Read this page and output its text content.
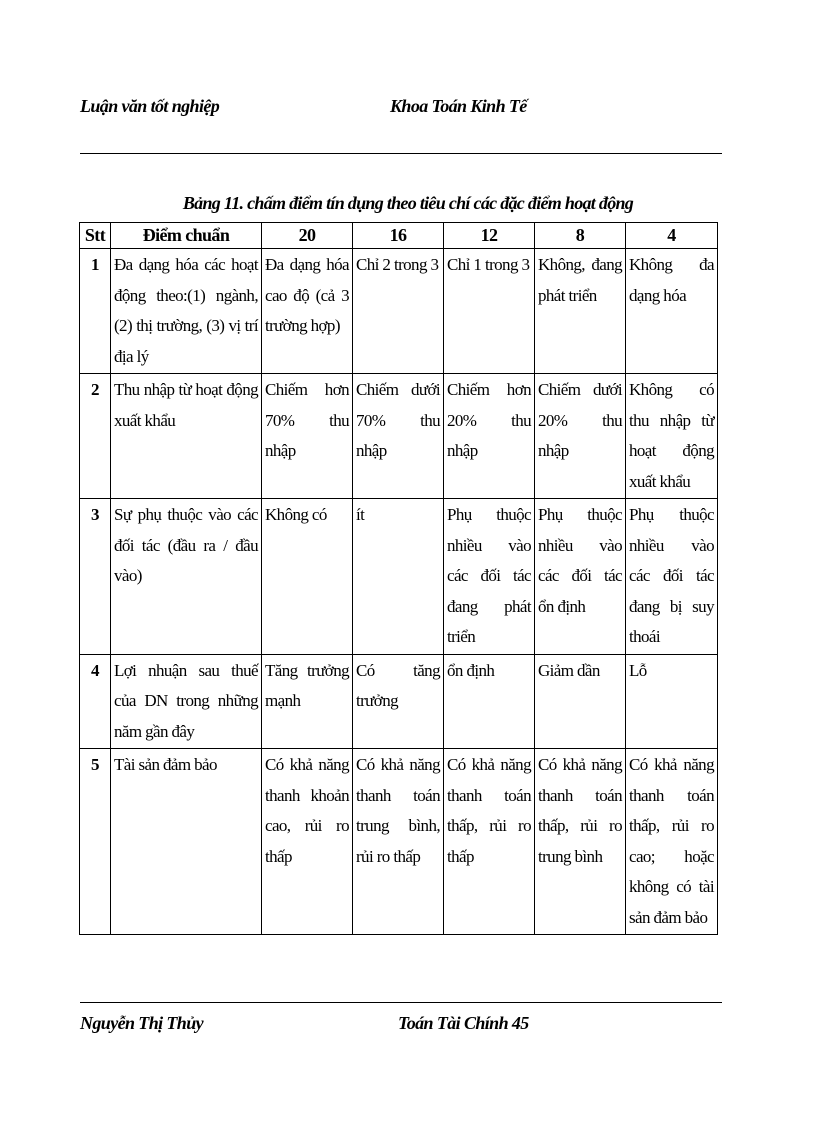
Luận văn tốt nghiệp	Khoa Toán Kinh Tế
Bảng 11. chấm điểm tín dụng theo tiêu chí các đặc điểm hoạt động
Stt	Điểm chuẩn	20	16	12	8	4
1	Đa dạng hóa các hoạt động theo:(1) ngành, (2) thị trường, (3) vị trí địa lý	Đa dạng hóa cao độ (cả 3 trường hợp)	Chỉ 2 trong 3	Chỉ 1 trong 3	Không, đang phát triển	Không đa dạng hóa
2	Thu nhập từ hoạt động xuất khẩu	Chiếm hơn 70% thu nhập	Chiếm dưới 70% thu nhập	Chiếm hơn 20% thu nhập	Chiếm dưới 20% thu nhập	Không có thu nhập từ hoạt động xuất khẩu
3	Sự phụ thuộc vào các đối tác (đầu ra / đầu vào)	Không có	ít	Phụ thuộc nhiều vào các đối tác đang phát triển	Phụ thuộc nhiều vào các đối tác ổn định	Phụ thuộc nhiều vào các đối tác đang bị suy thoái
4	Lợi nhuận sau thuế của DN trong những năm gần đây	Tăng trưởng mạnh	Có tăng trưởng	ổn định	Giảm dần	Lỗ
5	Tài sản đảm bảo	Có khả năng thanh khoản cao, rủi ro thấp	Có khả năng thanh toán trung bình, rủi ro thấp	Có khả năng thanh toán thấp, rủi ro thấp	Có khả năng thanh toán thấp, rủi ro trung bình	Có khả năng thanh toán thấp, rủi ro cao; hoặc không có tài sản đảm bảo
Nguyễn Thị Thủy	Toán Tài Chính 45
